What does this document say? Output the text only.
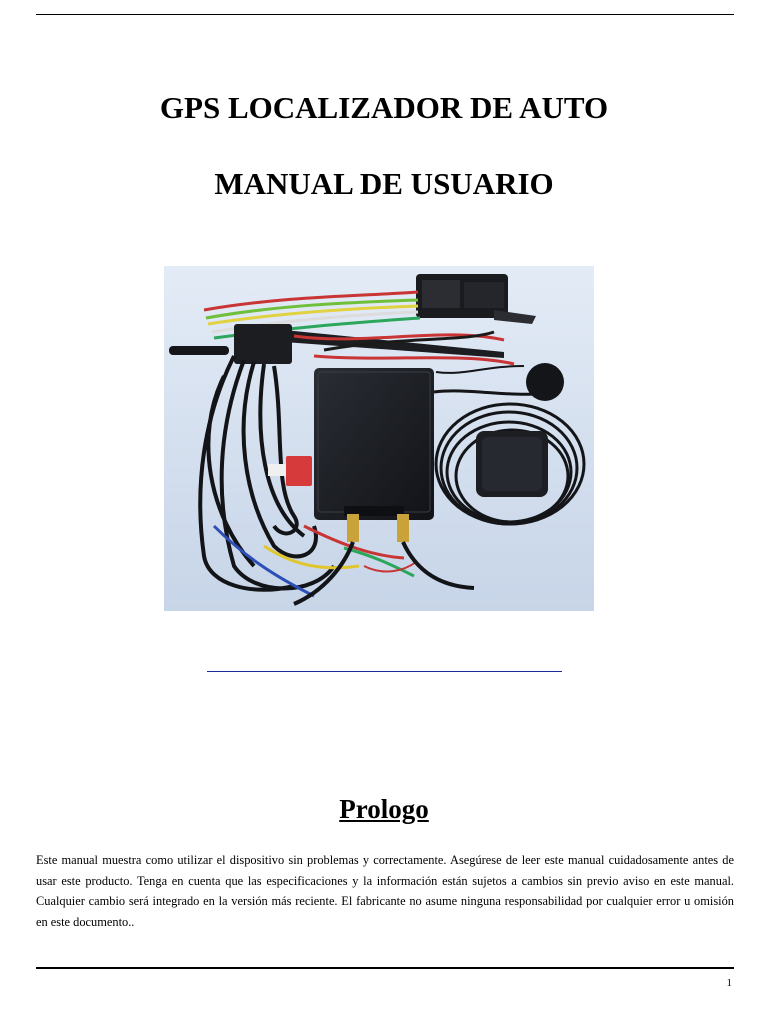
GPS LOCALIZADOR DE AUTO
MANUAL DE USUARIO
Prologo

Este manual muestra como utilizar el dispositivo sin problemas y correctamente. Asegúrese de leer este manual cuidadosamente antes de usar este producto. Tenga en cuenta que las especificaciones y la información están sujetos a cambios sin previo aviso en este manual. Cualquier cambio será integrado en la versión más reciente. El fabricante no asume ninguna responsabilidad por cualquier error u omisión en este documento..

1
